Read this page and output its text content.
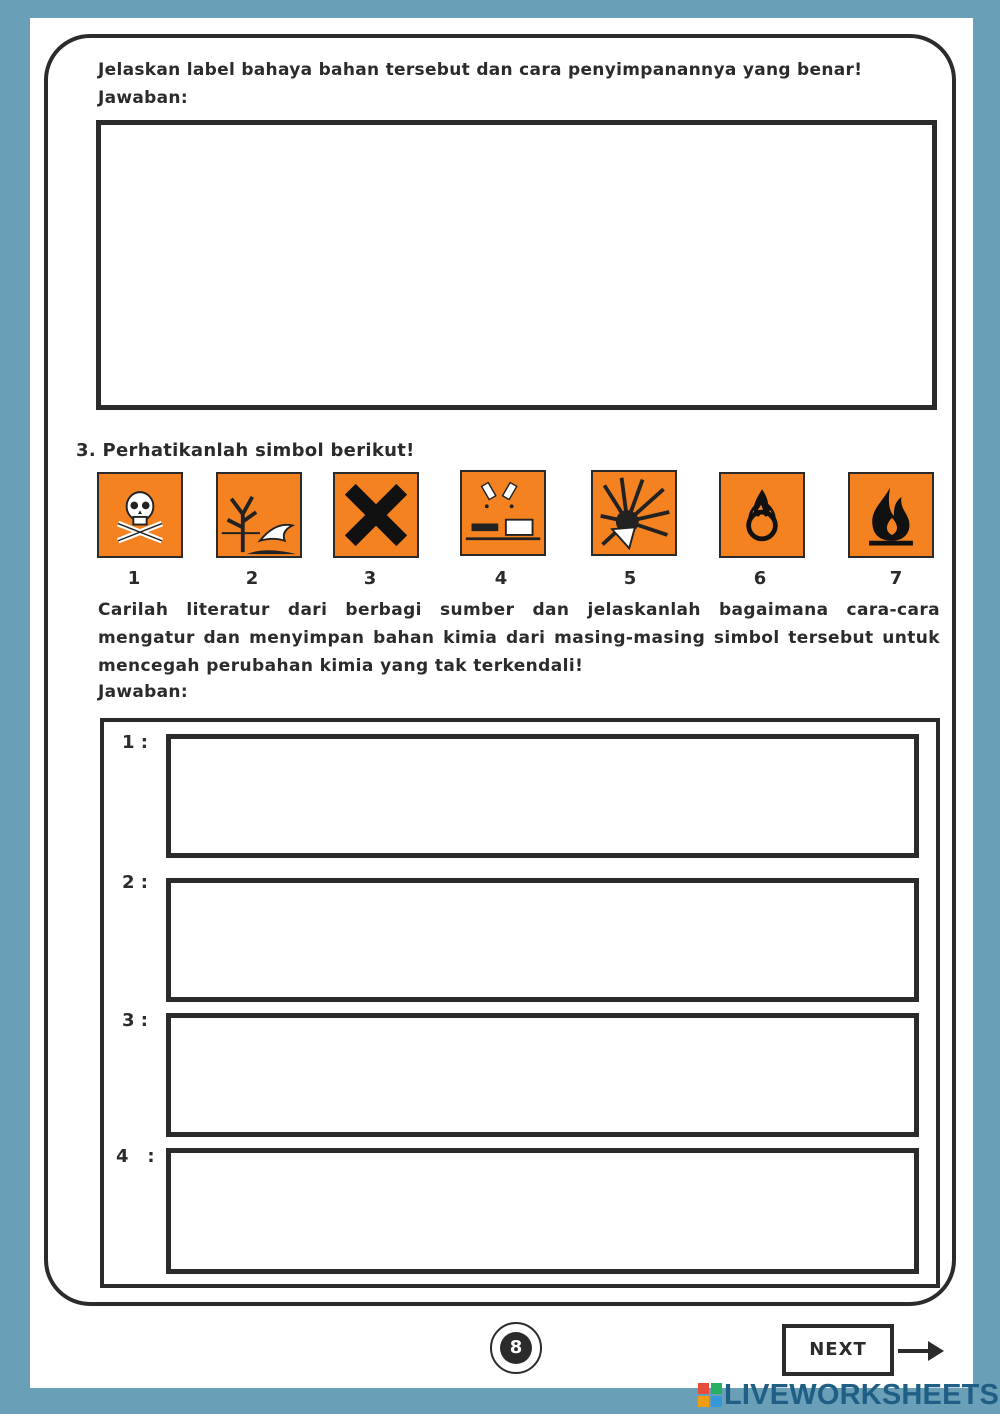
Jelaskan label bahaya bahan tersebut dan cara penyimpanannya yang benar!
Jawaban:
3. Perhatikanlah simbol berikut!
1	2	3	4	5	6	7
Carilah literatur dari berbagi sumber dan jelaskanlah bagaimana cara-cara mengatur dan menyimpan bahan kimia dari masing-masing simbol tersebut untuk mencegah perubahan kimia yang tak terkendali!
Jawaban:
1 :
2 :
3 :
4   :
8	NEXT
LIVEWORKSHEETS
